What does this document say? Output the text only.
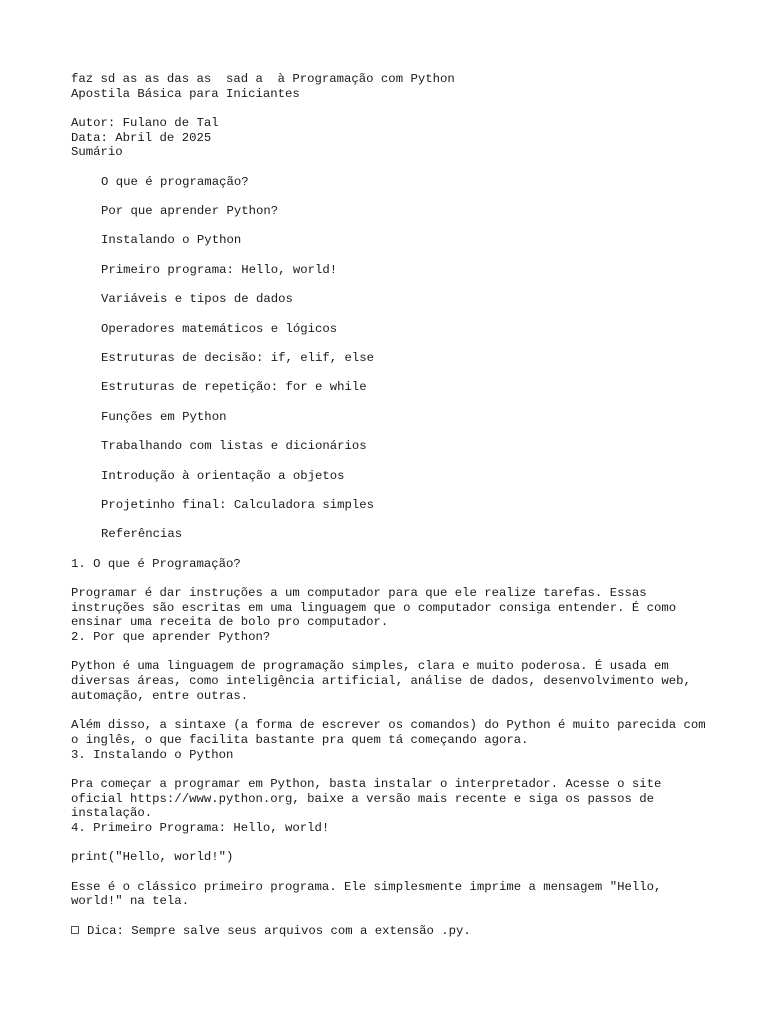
faz sd as as das as  sad a  à Programação com Python
Apostila Básica para Iniciantes
Autor: Fulano de Tal
Data: Abril de 2025
Sumário
O que é programação?
Por que aprender Python?
Instalando o Python
Primeiro programa: Hello, world!
Variáveis e tipos de dados
Operadores matemáticos e lógicos
Estruturas de decisão: if, elif, else
Estruturas de repetição: for e while
Funções em Python
Trabalhando com listas e dicionários
Introdução à orientação a objetos
Projetinho final: Calculadora simples
Referências
1. O que é Programação?
Programar é dar instruções a um computador para que ele realize tarefas. Essas instruções são escritas em uma linguagem que o computador consiga entender. É como ensinar uma receita de bolo pro computador.
2. Por que aprender Python?
Python é uma linguagem de programação simples, clara e muito poderosa. É usada em diversas áreas, como inteligência artificial, análise de dados, desenvolvimento web, automação, entre outras.
Além disso, a sintaxe (a forma de escrever os comandos) do Python é muito parecida com o inglês, o que facilita bastante pra quem tá começando agora.
3. Instalando o Python
Pra começar a programar em Python, basta instalar o interpretador. Acesse o site oficial https://www.python.org, baixe a versão mais recente e siga os passos de instalação.
4. Primeiro Programa: Hello, world!
print("Hello, world!")
Esse é o clássico primeiro programa. Ele simplesmente imprime a mensagem "Hello, world!" na tela.
Dica: Sempre salve seus arquivos com a extensão .py.
